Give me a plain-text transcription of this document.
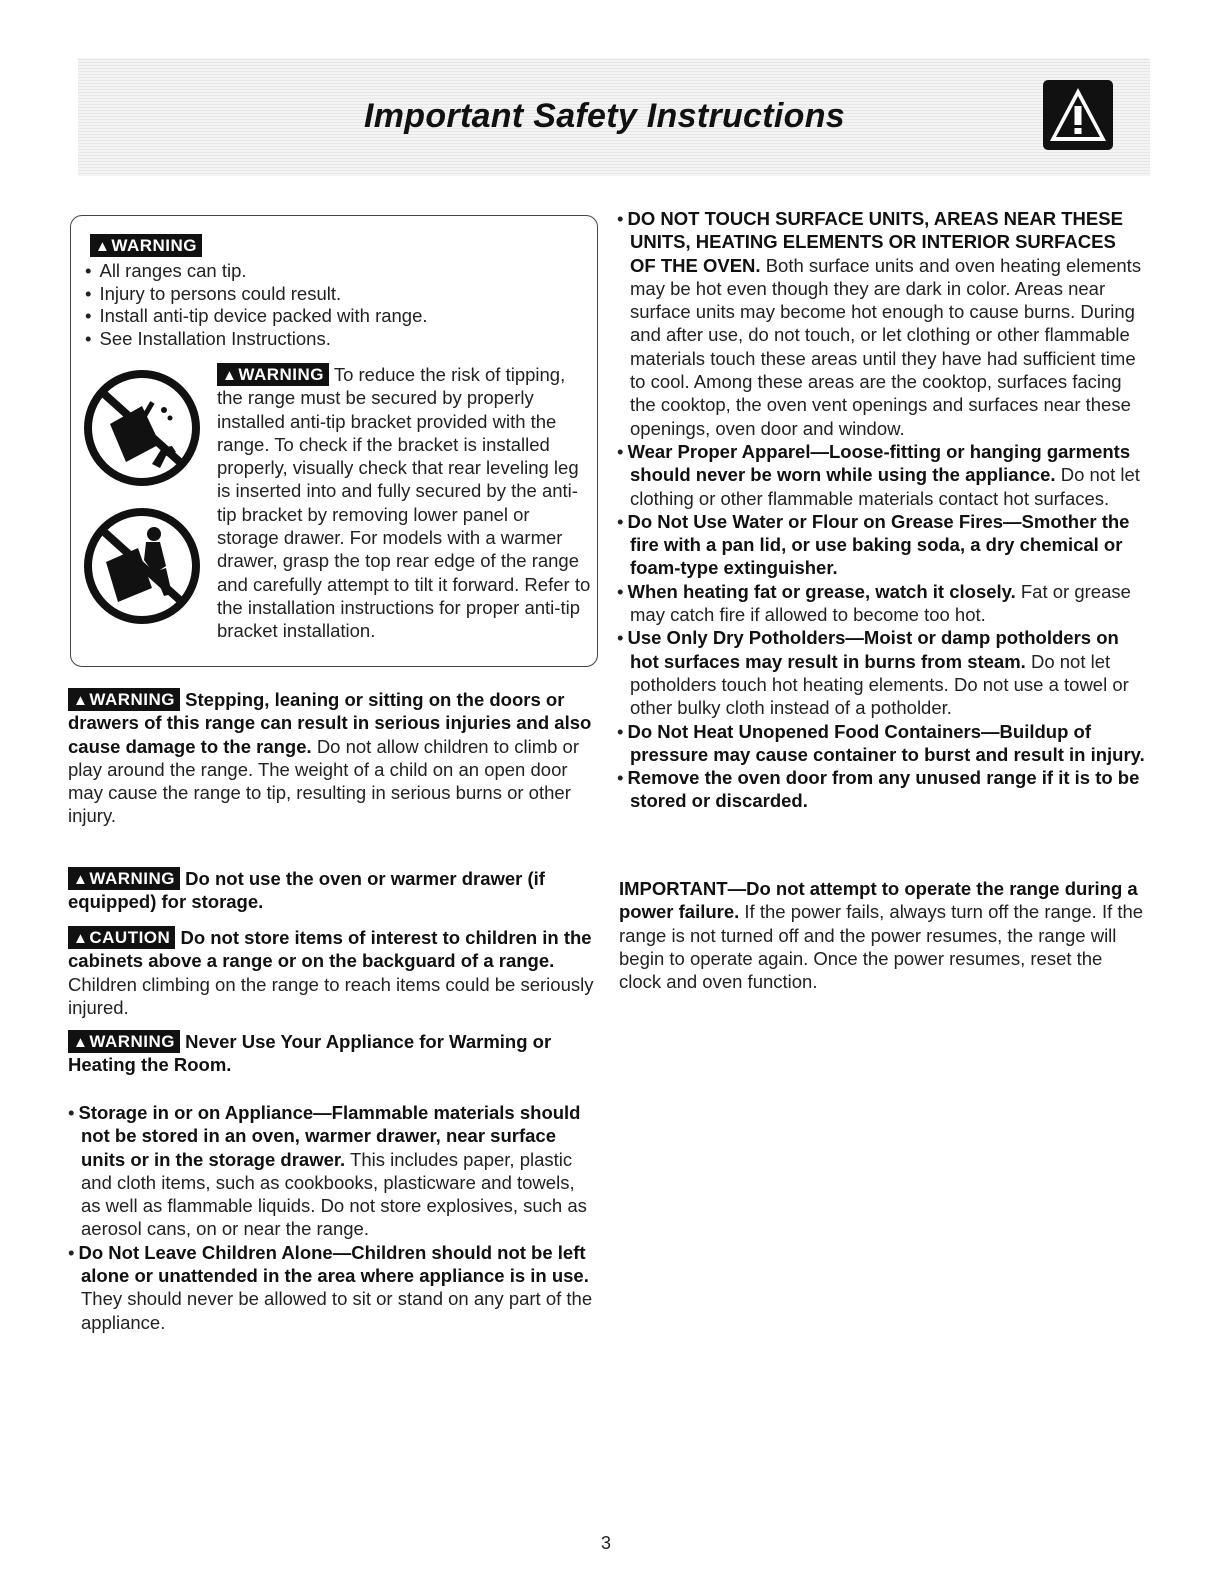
Important Safety Instructions
▲WARNING
• All ranges can tip.
• Injury to persons could result.
• Install anti-tip device packed with range.
• See Installation Instructions.

▲WARNING To reduce the risk of tipping, the range must be secured by properly installed anti-tip bracket provided with the range. To check if the bracket is installed properly, visually check that rear leveling leg is inserted into and fully secured by the anti-tip bracket by removing lower panel or storage drawer. For models with a warmer drawer, grasp the top rear edge of the range and carefully attempt to tilt it forward. Refer to the installation instructions for proper anti-tip bracket installation.

▲WARNING Stepping, leaning or sitting on the doors or drawers of this range can result in serious injuries and also cause damage to the range. Do not allow children to climb or play around the range. The weight of a child on an open door may cause the range to tip, resulting in serious burns or other injury.

▲WARNING Do not use the oven or warmer drawer (if equipped) for storage.

▲CAUTION Do not store items of interest to children in the cabinets above a range or on the backguard of a range. Children climbing on the range to reach items could be seriously injured.

▲WARNING Never Use Your Appliance for Warming or Heating the Room.

• Storage in or on Appliance—Flammable materials should not be stored in an oven, warmer drawer, near surface units or in the storage drawer. This includes paper, plastic and cloth items, such as cookbooks, plasticware and towels, as well as flammable liquids. Do not store explosives, such as aerosol cans, on or near the range.
• Do Not Leave Children Alone—Children should not be left alone or unattended in the area where appliance is in use. They should never be allowed to sit or stand on any part of the appliance.
• DO NOT TOUCH SURFACE UNITS, AREAS NEAR THESE UNITS, HEATING ELEMENTS OR INTERIOR SURFACES OF THE OVEN. Both surface units and oven heating elements may be hot even though they are dark in color. Areas near surface units may become hot enough to cause burns. During and after use, do not touch, or let clothing or other flammable materials touch these areas until they have had sufficient time to cool. Among these areas are the cooktop, surfaces facing the cooktop, the oven vent openings and surfaces near these openings, oven door and window.
• Wear Proper Apparel—Loose-fitting or hanging garments should never be worn while using the appliance. Do not let clothing or other flammable materials contact hot surfaces.
• Do Not Use Water or Flour on Grease Fires—Smother the fire with a pan lid, or use baking soda, a dry chemical or foam-type extinguisher.
• When heating fat or grease, watch it closely. Fat or grease may catch fire if allowed to become too hot.
• Use Only Dry Potholders—Moist or damp potholders on hot surfaces may result in burns from steam. Do not let potholders touch hot heating elements. Do not use a towel or other bulky cloth instead of a potholder.
• Do Not Heat Unopened Food Containers—Buildup of pressure may cause container to burst and result in injury.
• Remove the oven door from any unused range if it is to be stored or discarded.

IMPORTANT—Do not attempt to operate the range during a power failure. If the power fails, always turn off the range. If the range is not turned off and the power resumes, the range will begin to operate again. Once the power resumes, reset the clock and oven function.

3
